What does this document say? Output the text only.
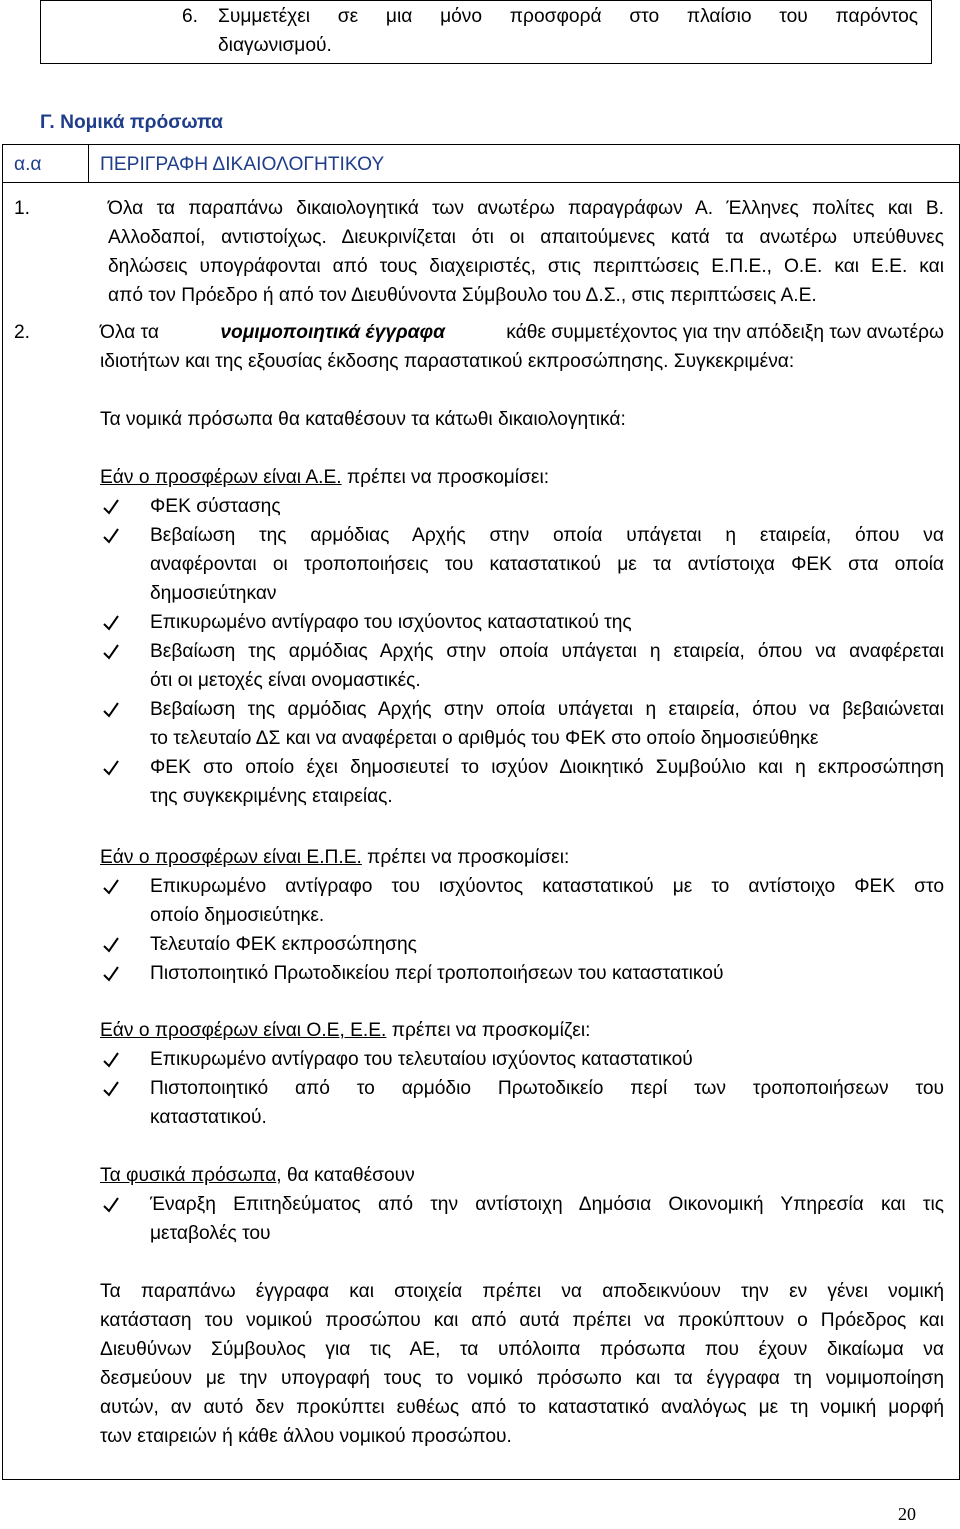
6. Συμμετέχει σε μια μόνο προσφορά στο πλαίσιο του παρόντος
διαγωνισμού.
Γ. Νομικά πρόσωπα
α.α	ΠΕΡΙΓΡΑΦΗ ΔΙΚΑΙΟΛΟΓΗΤΙΚΟΥ
1.	Όλα τα παραπάνω δικαιολογητικά των ανωτέρω παραγράφων Α. Έλληνες πολίτες και Β.
Αλλοδαποί, αντιστοίχως. Διευκρινίζεται ότι οι απαιτούμενες κατά τα ανωτέρω υπεύθυνες
δηλώσεις υπογράφονται από τους διαχειριστές, στις περιπτώσεις Ε.Π.Ε., Ο.Ε. και Ε.Ε. και
από τον Πρόεδρο ή από τον Διευθύνοντα Σύμβουλο του Δ.Σ., στις περιπτώσεις Α.Ε.
2.	Όλα τα	νομιμοποιητικά έγγραφα	κάθε συμμετέχοντος για την απόδειξη των ανωτέρω
ιδιοτήτων και της εξουσίας έκδοσης παραστατικού εκπροσώπησης. Συγκεκριμένα:
Τα νομικά πρόσωπα θα καταθέσουν τα κάτωθι δικαιολογητικά:
Εάν ο προσφέρων είναι Α.Ε. πρέπει να προσκομίσει:
ΦΕΚ σύστασης
Βεβαίωση της αρμόδιας Αρχής στην οποία υπάγεται η εταιρεία, όπου να
αναφέρονται οι τροποποιήσεις του καταστατικού με τα αντίστοιχα ΦΕΚ στα οποία
δημοσιεύτηκαν
Επικυρωμένο αντίγραφο του ισχύοντος καταστατικού της
Βεβαίωση της αρμόδιας Αρχής στην οποία υπάγεται η εταιρεία, όπου να αναφέρεται
ότι οι μετοχές είναι ονομαστικές.
Βεβαίωση της αρμόδιας Αρχής στην οποία υπάγεται η εταιρεία, όπου να βεβαιώνεται
το τελευταίο ΔΣ και να αναφέρεται ο αριθμός του ΦΕΚ στο οποίο δημοσιεύθηκε
ΦΕΚ στο οποίο έχει δημοσιευτεί το ισχύον Διοικητικό Συμβούλιο και η εκπροσώπηση
της συγκεκριμένης εταιρείας.
Εάν ο προσφέρων είναι Ε.Π.Ε. πρέπει να προσκομίσει:
Επικυρωμένο αντίγραφο του ισχύοντος καταστατικού με το αντίστοιχο ΦΕΚ στο
οποίο δημοσιεύτηκε.
Τελευταίο ΦΕΚ εκπροσώπησης
Πιστοποιητικό Πρωτοδικείου περί τροποποιήσεων του καταστατικού
Εάν ο προσφέρων είναι Ο.Ε, Ε.Ε. πρέπει να προσκομίζει:
Επικυρωμένο αντίγραφο του τελευταίου ισχύοντος καταστατικού
Πιστοποιητικό από το αρμόδιο Πρωτοδικείο περί των τροποποιήσεων του
καταστατικού.
Τα φυσικά πρόσωπα, θα καταθέσουν
Έναρξη Επιτηδεύματος από την αντίστοιχη Δημόσια Οικονομική Υπηρεσία και τις
μεταβολές του
Τα παραπάνω έγγραφα και στοιχεία πρέπει να αποδεικνύουν την εν γένει νομική
κατάσταση του νομικού προσώπου και από αυτά πρέπει να προκύπτουν ο Πρόεδρος και
Διευθύνων Σύμβουλος για τις ΑΕ, τα υπόλοιπα πρόσωπα που έχουν δικαίωμα να
δεσμεύουν με την υπογραφή τους το νομικό πρόσωπο και τα έγγραφα τη νομιμοποίηση
αυτών, αν αυτό δεν προκύπτει ευθέως από το καταστατικό αναλόγως με τη νομική μορφή
των εταιρειών ή κάθε άλλου νομικού προσώπου.
20
